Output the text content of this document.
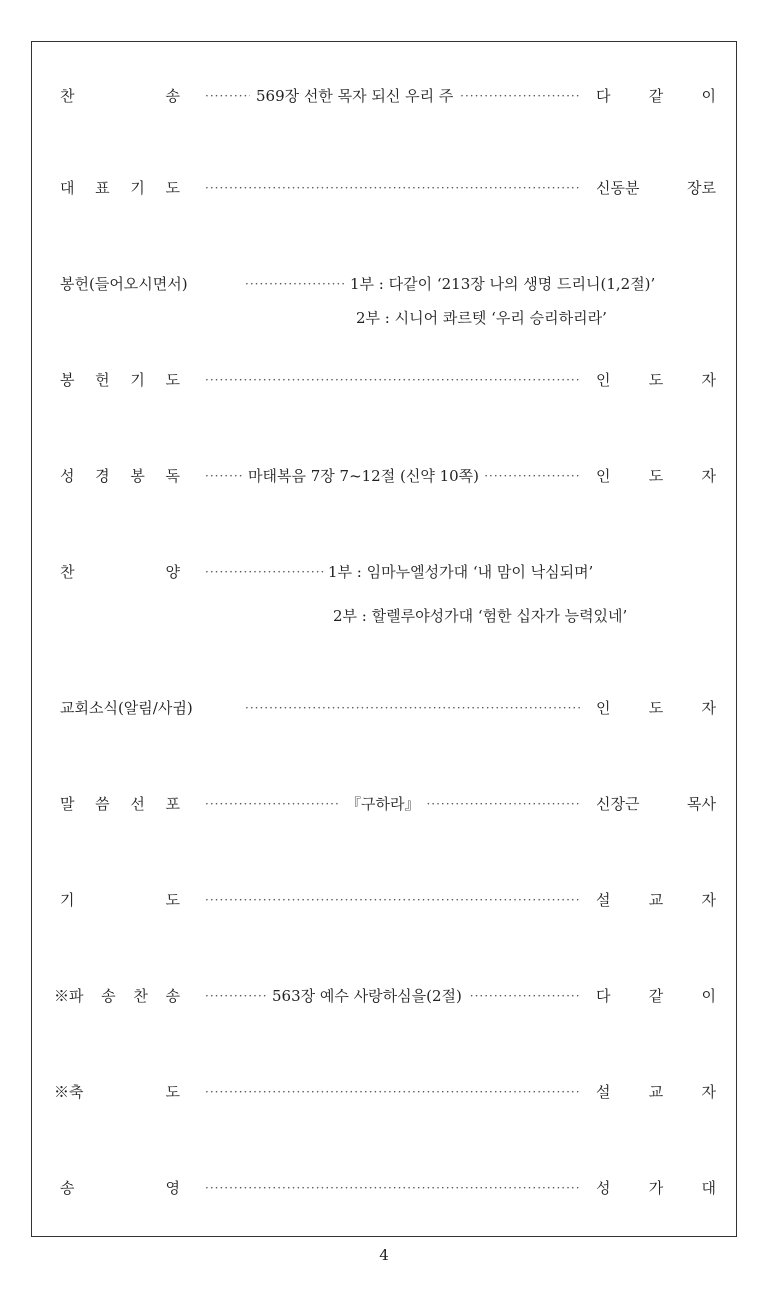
찬	송 ·····	569장 선한 목자 되신 우리 주	다	같	이
대 표 기 도 ·····	신동분	장로
봉헌(들어오시면서) ·····	1부 : 다같이 ‘213장 나의 생명 드리니(1,2절)’
2부 : 시니어 콰르텟 ‘우리 승리하리라’
봉 헌 기 도 ·····	인	도	자
성 경 봉 독 ·····	마태복음 7장 7~12절 (신약 10쪽)	인	도	자
찬	양 ·····	1부 : 임마누엘성가대 ‘내 맘이 낙심되며’
2부 : 할렐루야성가대 ‘험한 십자가 능력있네’
교회소식(알림/사귐) ·····	인	도	자
말 씀 선 포 ·····	『구하라』	신장근	목사
기	도 ·····	설	교	자
※파 송 찬 송 ·····	563장 예수 사랑하심을(2절)	다	같	이
※축	도 ·····	설	교	자
송	영 ·····	성	가	대
4
